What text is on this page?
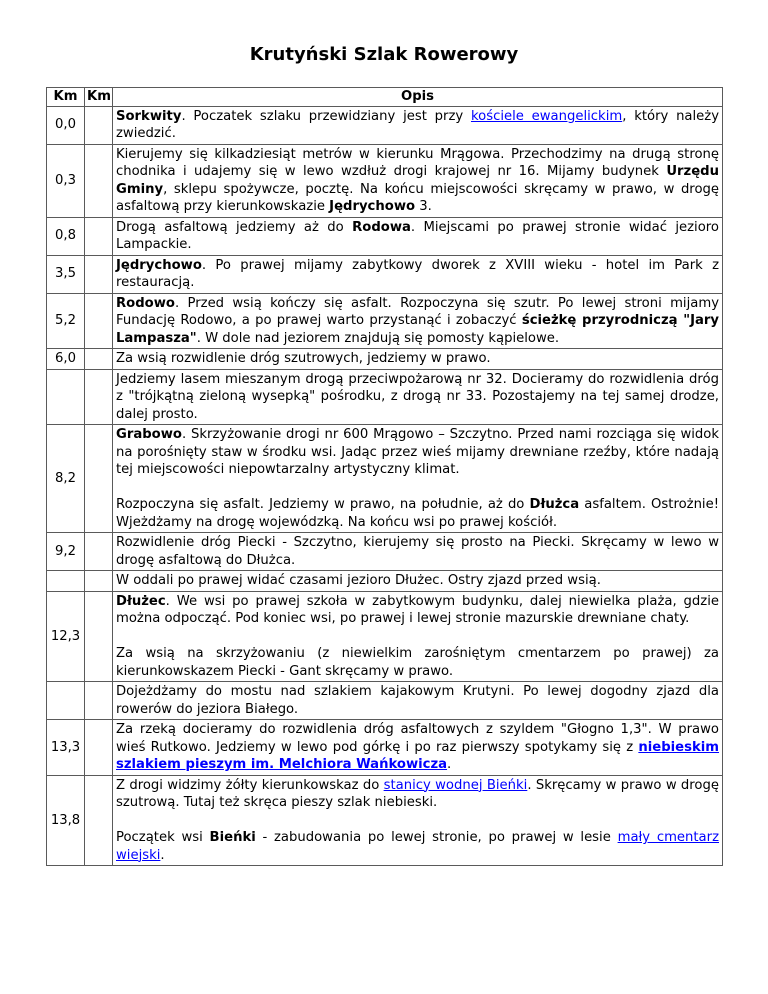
Krutyński Szlak Rowerowy
Km	Km	Opis
0,0		Sorkwity. Poczatek szlaku przewidziany jest przy kościele ewangelickim, który należy zwiedzić.

0,3		Kierujemy się kilkadziesiąt metrów w kierunku Mrągowa. Przechodzimy na drugą stronę chodnika i udajemy się w lewo wzdłuż drogi krajowej nr 16. Mijamy budynek Urzędu Gminy, sklepu spożywcze, pocztę. Na końcu miejscowości skręcamy w prawo, w drogę asfaltową przy kierunkowskazie Jędrychowo 3.

0,8		Drogą asfaltową jedziemy aż do Rodowa. Miejscami po prawej stronie widać jezioro Lampackie.

3,5		Jędrychowo. Po prawej mijamy zabytkowy dworek z XVIII wieku - hotel im Park z restauracją.

5,2		Rodowo. Przed wsią kończy się asfalt. Rozpoczyna się szutr. Po lewej stroni mijamy Fundację Rodowo, a po prawej warto przystanąć i zobaczyć ścieżkę przyrodniczą "Jary Lampasza". W dole nad jeziorem znajdują się pomosty kąpielowe.

6,0		Za wsią rozwidlenie dróg szutrowych, jedziemy w prawo.

		Jedziemy lasem mieszanym drogą przeciwpożarową nr 32. Docieramy do rozwidlenia dróg z "trójkątną zieloną wysepką" pośrodku, z drogą nr 33. Pozostajemy na tej samej drodze, dalej prosto.

8,2		Grabowo. Skrzyżowanie drogi nr 600 Mrągowo – Szczytno. Przed nami rozciąga się widok na porośnięty staw w środku wsi. Jadąc przez wieś mijamy drewniane rzeźby, które nadają tej miejscowości niepowtarzalny artystyczny klimat.
Rozpoczyna się asfalt. Jedziemy w prawo, na południe, aż do Dłużca asfaltem. Ostrożnie! Wjeżdżamy na drogę wojewódzką. Na końcu wsi po prawej kościół.

9,2		Rozwidlenie dróg Piecki - Szczytno, kierujemy się prosto na Piecki. Skręcamy w lewo w drogę asfaltową do Dłużca.

		W oddali po prawej widać czasami jezioro Dłużec. Ostry zjazd przed wsią.

12,3		Dłużec. We wsi po prawej szkoła w zabytkowym budynku, dalej niewielka plaża, gdzie można odpocząć. Pod koniec wsi, po prawej i lewej stronie mazurskie drewniane chaty.
Za wsią na skrzyżowaniu (z niewielkim zarośniętym cmentarzem po prawej) za kierunkowskazem Piecki - Gant skręcamy w prawo.

		Dojeżdżamy do mostu nad szlakiem kajakowym Krutyni. Po lewej dogodny zjazd dla rowerów do jeziora Białego.

13,3		Za rzeką docieramy do rozwidlenia dróg asfaltowych z szyldem "Głogno 1,3". W prawo wieś Rutkowo. Jedziemy w lewo pod górkę i po raz pierwszy spotykamy się z niebieskim szlakiem pieszym im. Melchiora Wańkowicza.

13,8		Z drogi widzimy żółty kierunkowskaz do stanicy wodnej Bieńki. Skręcamy w prawo w drogę szutrową. Tutaj też skręca pieszy szlak niebieski.
Początek wsi Bieńki - zabudowania po lewej stronie, po prawej w lesie mały cmentarz wiejski.
